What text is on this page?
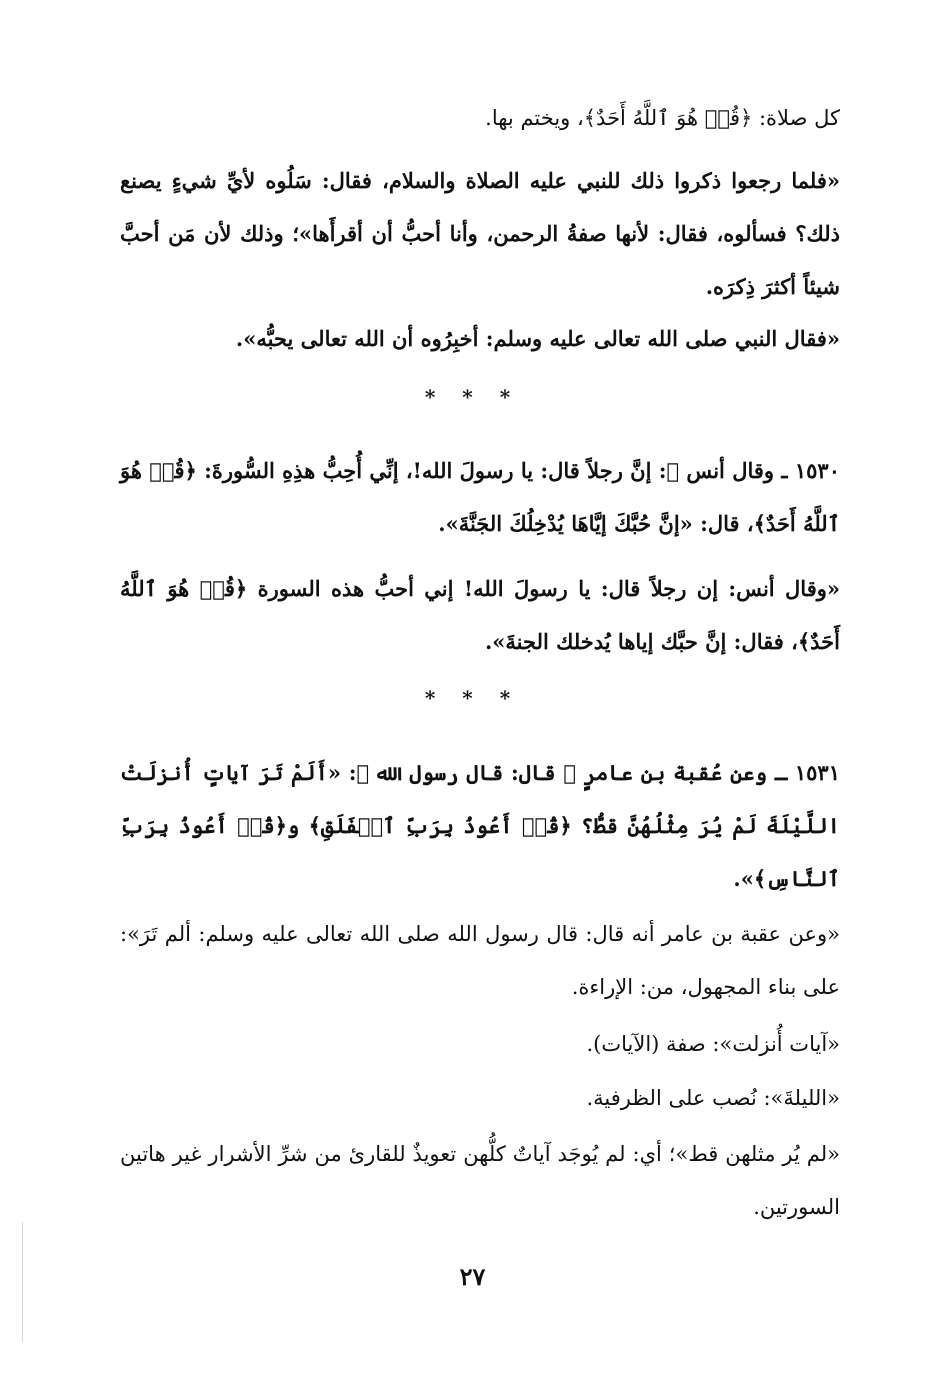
كل صلاة: ﴿قُلۡ هُوَ ٱللَّهُ أَحَدٌ﴾، ويختم بها.
«فلما رجعوا ذكروا ذلك للنبي عليه الصلاة والسلام، فقال: سَلُوه لأيِّ شيءٍ يصنع ذلك؟ فسألوه، فقال: لأنها صفةُ الرحمن، وأنا أحبُّ أن أقرأَها»؛ وذلك لأن مَن أحبَّ شيئاً أكثرَ ذِكرَه.
«فقال النبي صلى الله تعالى عليه وسلم: أخبِرُوه أن الله تعالى يحبُّه».
* * *
١٥٣٠ ـ وقال أنس ﷺ: إنَّ رجلاً قال: يا رسولَ الله!، إنِّي أُحِبُّ هذِهِ السُّورةَ: ﴿قُلۡ هُوَ ٱللَّهُ أَحَدٌ﴾، قال: «إنَّ حُبَّكَ إيَّاهَا يُدْخِلُكَ الجَنَّةَ».
«وقال أنس: إن رجلاً قال: يا رسولَ الله! إني أحبُّ هذه السورة ﴿قُلۡ هُوَ ٱللَّهُ أَحَدٌ﴾، فقال: إنَّ حبَّك إياها يُدخلك الجنةَ».
* * *
١٥٣١ ـ وعن عُقبة بن عامرٍ ﷺ قال: قال رسول الله ﷺ: «أَلَمْ تَرَ آياتٍ أُنزلَتْ اللَّيْلَةَ لَمْ يُرَ مِثْلُهُنَّ قطُّ؟ ﴿قُلۡ أَعُوذُ بِرَبِّ ٱلۡفَلَقِ﴾ و﴿قُلۡ أَعُوذُ بِرَبِّ ٱلنَّاسِ﴾».
«وعن عقبة بن عامر أنه قال: قال رسول الله صلى الله تعالى عليه وسلم: ألم تَرَ»: على بناء المجهول، من: الإراءة.
«آيات أُنزلت»: صفة (الآيات).
«الليلةَ»: نُصب على الظرفية.
«لم يُر مثلهن قط»؛ أي: لم يُوجَد آياتٌ كلُّهن تعويذٌ للقارئ من شرِّ الأشرار غير هاتين السورتين.
٢٧
